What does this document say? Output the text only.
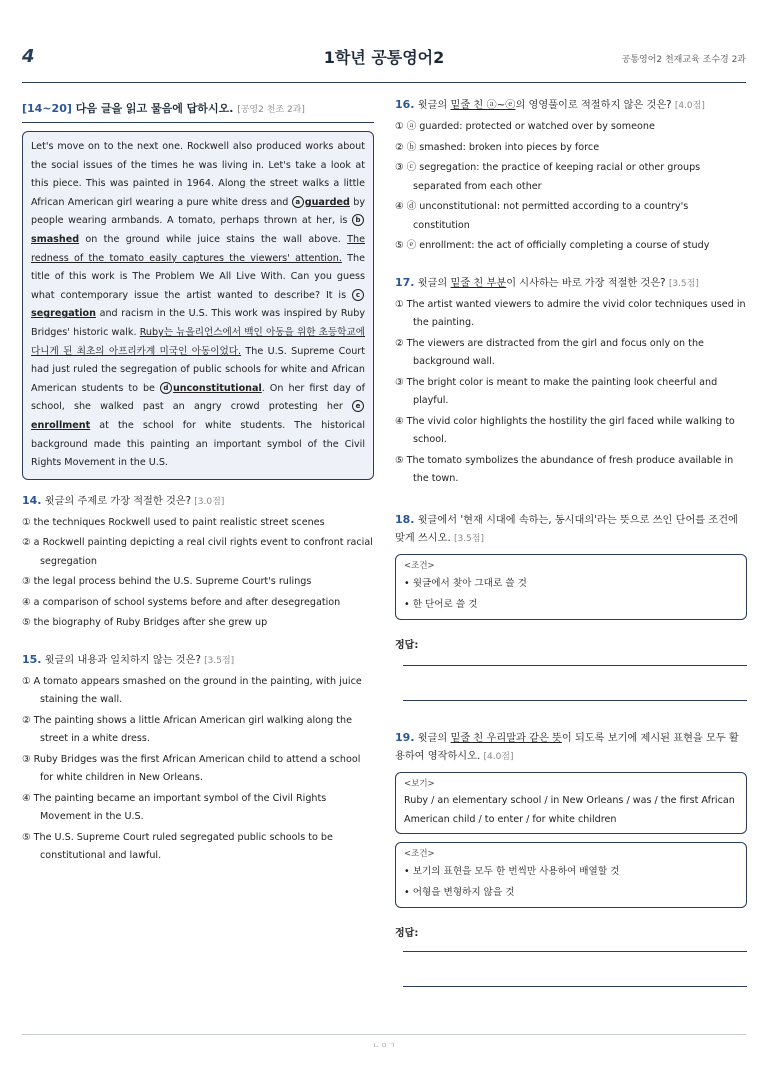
4	1학년 공통영어2	공통영어2 천재교육 조수경 2과
[14~20] 다음 글을 읽고 물음에 답하시오. [공영2 천조 2과]
Let's move on to the next one. Rockwell also produced works about the social issues of the times he was living in. Let's take a look at this piece. This was painted in 1964. Along the street walks a little African American girl wearing a pure white dress and a guarded by people wearing armbands. A tomato, perhaps thrown at her, is bsmashed on the ground while juice stains the wall above. The redness of the tomato easily captures the viewers' attention. The title of this work is The Problem We All Live With. Can you guess what contemporary issue the artist wanted to describe? It is csegregation and racism in the U.S. This work was inspired by Ruby Bridges' historic walk. Ruby는 뉴올리언스에서 백인 아동을 위한 초등학교에 다니게 된 최초의 아프리카계 미국인 아동이었다. The U.S. Supreme Court had just ruled the segregation of public schools for white and African American students to be d unconstitutional. On her first day of school, she walked past an angry crowd protesting her eenrollment at the school for white students. The historical background made this painting an important symbol of the Civil Rights Movement in the U.S.
14. 윗글의 주제로 가장 적절한 것은? [3.0점]
① the techniques Rockwell used to paint realistic street scenes
② a Rockwell painting depicting a real civil rights event to confront racial segregation
③ the legal process behind the U.S. Supreme Court's rulings
④ a comparison of school systems before and after desegregation
⑤ the biography of Ruby Bridges after she grew up
15. 윗글의 내용과 일치하지 않는 것은? [3.5점]
① A tomato appears smashed on the ground in the painting, with juice staining the wall.
② The painting shows a little African American girl walking along the street in a white dress.
③ Ruby Bridges was the first African American child to attend a school for white children in New Orleans.
④ The painting became an important symbol of the Civil Rights Movement in the U.S.
⑤ The U.S. Supreme Court ruled segregated public schools to be constitutional and lawful.
16. 윗글의 밑줄 친 ⓐ~ⓔ의 영영풀이로 적절하지 않은 것은? [4.0점]
① ⓐ guarded: protected or watched over by someone
② ⓑ smashed: broken into pieces by force
③ ⓒ segregation: the practice of keeping racial or other groups separated from each other
④ ⓓ unconstitutional: not permitted according to a country's constitution
⑤ ⓔ enrollment: the act of officially completing a course of study
17. 윗글의 밑줄 친 부분이 시사하는 바로 가장 적절한 것은? [3.5점]
① The artist wanted viewers to admire the vivid color techniques used in the painting.
② The viewers are distracted from the girl and focus only on the background wall.
③ The bright color is meant to make the painting look cheerful and playful.
④ The vivid color highlights the hostility the girl faced while walking to school.
⑤ The tomato symbolizes the abundance of fresh produce available in the town.
18. 윗글에서 '현재 시대에 속하는, 동시대의'라는 뜻으로 쓰인 단어를 조건에 맞게 쓰시오. [3.5점]
<조건>
• 윗글에서 찾아 그대로 쓸 것
• 한 단어로 쓸 것
정답:
19. 윗글의 밑줄 친 우리말과 같은 뜻이 되도록 보기에 제시된 표현을 모두 활용하여 영작하시오. [4.0점]
<보기>
Ruby / an elementary school / in New Orleans / was / the first African American child / to enter / for white children
<조건>
• 보기의 표현을 모두 한 번씩만 사용하여 배열할 것
• 어형을 변형하지 않을 것
정답:
ㄴㅇㄱ
